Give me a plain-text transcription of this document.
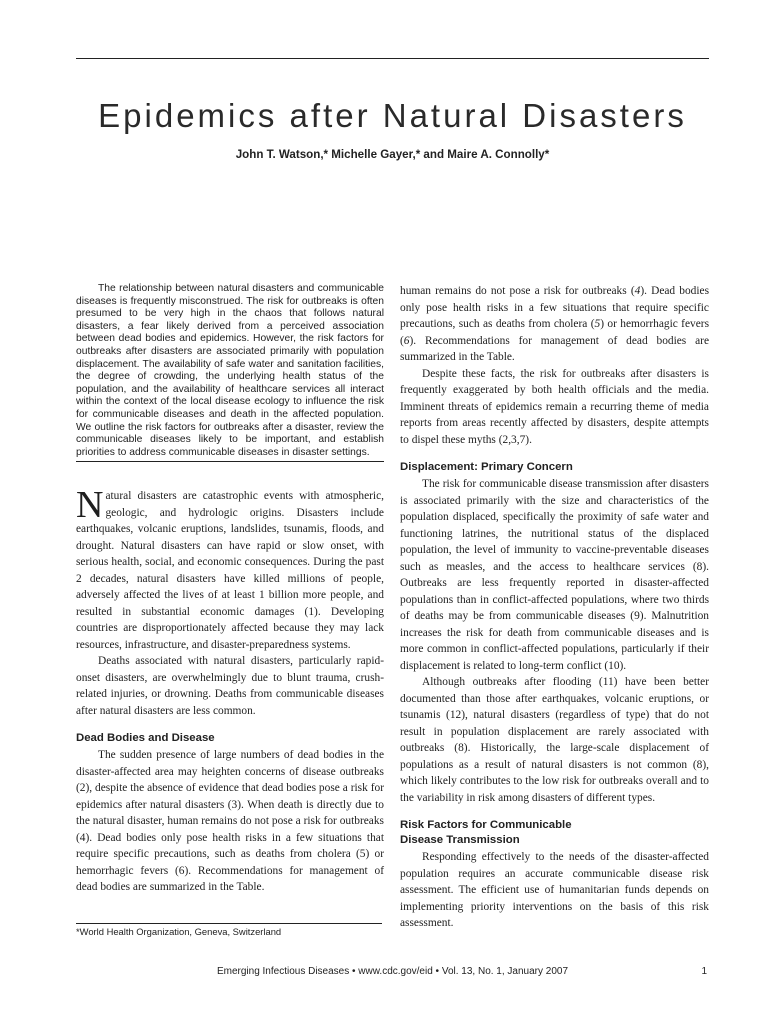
Epidemics after Natural Disasters
John T. Watson,* Michelle Gayer,* and Maire A. Connolly*

The relationship between natural disasters and communicable diseases is frequently misconstrued. The risk for outbreaks is often presumed to be very high in the chaos that follows natural disasters, a fear likely derived from a perceived association between dead bodies and epidemics. However, the risk factors for outbreaks after disasters are associated primarily with population displacement. The availability of safe water and sanitation facilities, the degree of crowding, the underlying health status of the population, and the availability of healthcare services all interact within the context of the local disease ecology to influence the risk for communicable diseases and death in the affected population. We outline the risk factors for outbreaks after a disaster, review the communicable diseases likely to be important, and establish priorities to address communicable diseases in disaster settings.

Natural disasters are catastrophic events with atmospheric, geologic, and hydrologic origins. Disasters include earthquakes, volcanic eruptions, landslides, tsunamis, floods, and drought. Natural disasters can have rapid or slow onset, with serious health, social, and economic consequences. During the past 2 decades, natural disasters have killed millions of people, adversely affected the lives of at least 1 billion more people, and resulted in substantial economic damages (1). Developing countries are disproportionately affected because they may lack resources, infrastructure, and disaster-preparedness systems.

Deaths associated with natural disasters, particularly rapid-onset disasters, are overwhelmingly due to blunt trauma, crush-related injuries, or drowning. Deaths from communicable diseases after natural disasters are less common.

Dead Bodies and Disease

The sudden presence of large numbers of dead bodies in the disaster-affected area may heighten concerns of disease outbreaks (2), despite the absence of evidence that dead bodies pose a risk for epidemics after natural disasters (3). When death is directly due to the natural disaster, human remains do not pose a risk for outbreaks (4). Dead bodies only pose health risks in a few situations that require specific precautions, such as deaths from cholera (5) or hemorrhagic fevers (6). Recommendations for management of dead bodies are summarized in the Table.

human remains do not pose a risk for outbreaks (4). Dead bodies only pose health risks in a few situations that require specific precautions, such as deaths from cholera (5) or hemorrhagic fevers (6). Recommendations for management of dead bodies are summarized in the Table.

Despite these facts, the risk for outbreaks after disasters is frequently exaggerated by both health officials and the media. Imminent threats of epidemics remain a recurring theme of media reports from areas recently affected by disasters, despite attempts to dispel these myths (2,3,7).

Displacement: Primary Concern

The risk for communicable disease transmission after disasters is associated primarily with the size and characteristics of the population displaced, specifically the proximity of safe water and functioning latrines, the nutritional status of the displaced population, the level of immunity to vaccine-preventable diseases such as measles, and the access to healthcare services (8). Outbreaks are less frequently reported in disaster-affected populations than in conflict-affected populations, where two thirds of deaths may be from communicable diseases (9). Malnutrition increases the risk for death from communicable diseases and is more common in conflict-affected populations, particularly if their displacement is related to long-term conflict (10).

Although outbreaks after flooding (11) have been better documented than those after earthquakes, volcanic eruptions, or tsunamis (12), natural disasters (regardless of type) that do not result in population displacement are rarely associated with outbreaks (8). Historically, the large-scale displacement of populations as a result of natural disasters is not common (8), which likely contributes to the low risk for outbreaks overall and to the variability in risk among disasters of different types.

Risk Factors for Communicable
Disease Transmission

Responding effectively to the needs of the disaster-affected population requires an accurate communicable disease risk assessment. The efficient use of humanitarian funds depends on implementing priority interventions on the basis of this risk assessment.

*World Health Organization, Geneva, Switzerland
Emerging Infectious Diseases • www.cdc.gov/eid • Vol. 13, No. 1, January 2007	1
